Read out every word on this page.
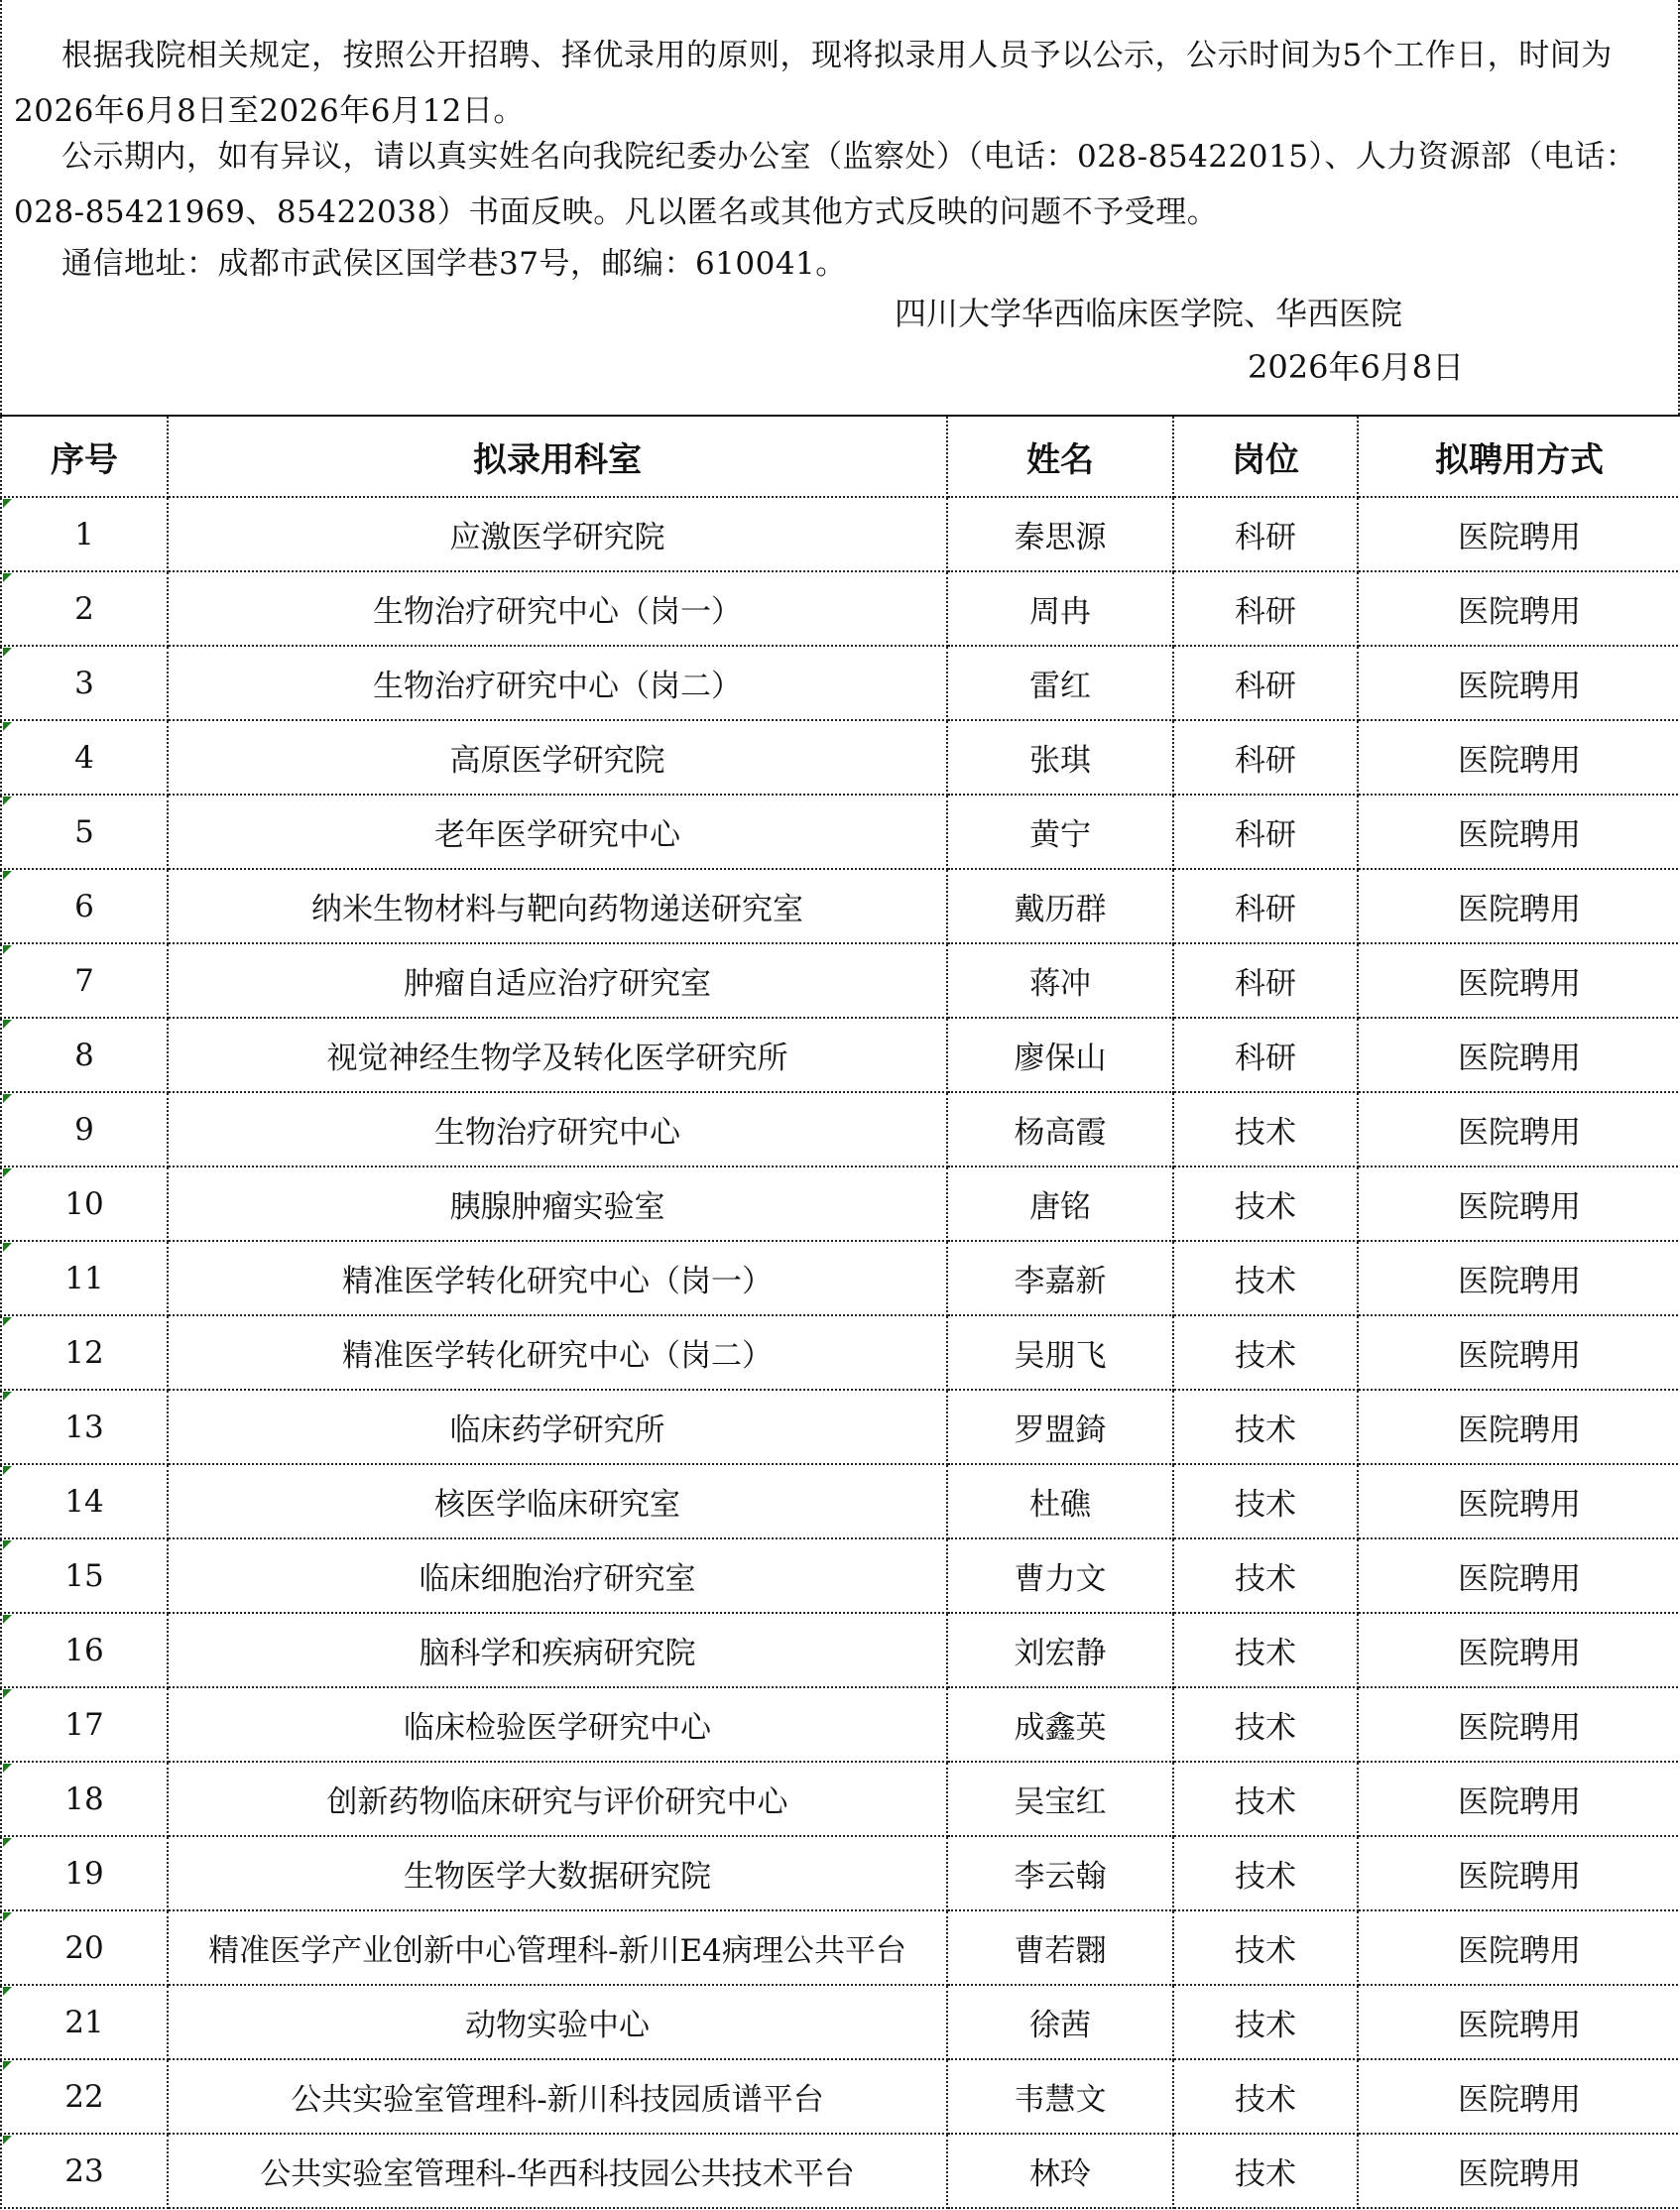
根据我院相关规定，按照公开招聘、择优录用的原则，现将拟录用人员予以公示，公示时间为5个工作日，时间为2026年6月8日至2026年6月12日。

公示期内，如有异议，请以真实姓名向我院纪委办公室（监察处）（电话：028-85422015）、人力资源部（电话：028-85421969、85422038）书面反映。凡以匿名或其他方式反映的问题不予受理。

通信地址：成都市武侯区国学巷37号，邮编：610041。

四川大学华西临床医学院、华西医院
2026年6月8日
序号	拟录用科室	姓名	岗位	拟聘用方式
1	应激医学研究院	秦思源	科研	医院聘用
2	生物治疗研究中心（岗一）	周冉	科研	医院聘用
3	生物治疗研究中心（岗二）	雷红	科研	医院聘用
4	高原医学研究院	张琪	科研	医院聘用
5	老年医学研究中心	黄宁	科研	医院聘用
6	纳米生物材料与靶向药物递送研究室	戴历群	科研	医院聘用
7	肿瘤自适应治疗研究室	蒋冲	科研	医院聘用
8	视觉神经生物学及转化医学研究所	廖保山	科研	医院聘用
9	生物治疗研究中心	杨高霞	技术	医院聘用
10	胰腺肿瘤实验室	唐铭	技术	医院聘用
11	精准医学转化研究中心（岗一）	李嘉新	技术	医院聘用
12	精准医学转化研究中心（岗二）	吴朋飞	技术	医院聘用
13	临床药学研究所	罗盟錡	技术	医院聘用
14	核医学临床研究室	杜礁	技术	医院聘用
15	临床细胞治疗研究室	曹力文	技术	医院聘用
16	脑科学和疾病研究院	刘宏静	技术	医院聘用
17	临床检验医学研究中心	成鑫英	技术	医院聘用
18	创新药物临床研究与评价研究中心	吴宝红	技术	医院聘用
19	生物医学大数据研究院	李云翰	技术	医院聘用
20	精准医学产业创新中心管理科-新川E4病理公共平台	曹若翾	技术	医院聘用
21	动物实验中心	徐茜	技术	医院聘用
22	公共实验室管理科-新川科技园质谱平台	韦慧文	技术	医院聘用
23	公共实验室管理科-华西科技园公共技术平台	林玲	技术	医院聘用
